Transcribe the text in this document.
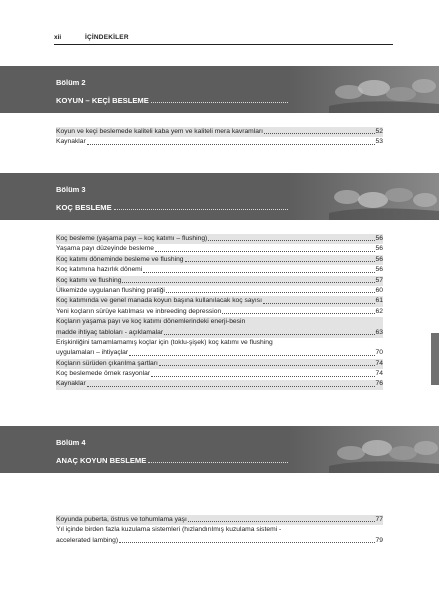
xii	İÇİNDEKİLER
Bölüm 2
KOYUN – KEÇİ BESLEME
Koyun ve keçi beslemede kaliteli kaba yem ve kaliteli mera kavramları	52
Kaynaklar	53
Bölüm 3
KOÇ BESLEME
Koç besleme (yaşama payı – koç katımı – flushing)	56
Yaşama payı düzeyinde besleme	56
Koç katımı döneminde besleme ve flushing	56
Koç katımına hazırlık dönemi	56
Koç katımı ve flushing	57
Ülkemizde uygulanan flushing pratiği	60
Koç katımında ve genel manada koyun başına kullanılacak koç sayısı	61
Yeni koçların sürüye katılması ve inbreeding depression	62
Koçların yaşama payı ve koç katımı dönemlerindeki enerji-besin
madde ihtiyaç tabloları - açıklamalar	63
Erişkinliğini tamamlamamış koçlar için (toklu-şişek) koç katımı ve flushing
uygulamaları – ihtiyaçlar	70
Koçların sürüden çıkarılma şartları	74
Koç beslemede örnek rasyonlar	74
Kaynaklar	76
Bölüm 4
ANAÇ KOYUN BESLEME
Koyunda puberta, östrus ve tohumlama yaşı	77
Yıl içinde birden fazla kuzulama sistemleri (hızlandırılmış kuzulama sistemi -
accelerated lambing)	79
